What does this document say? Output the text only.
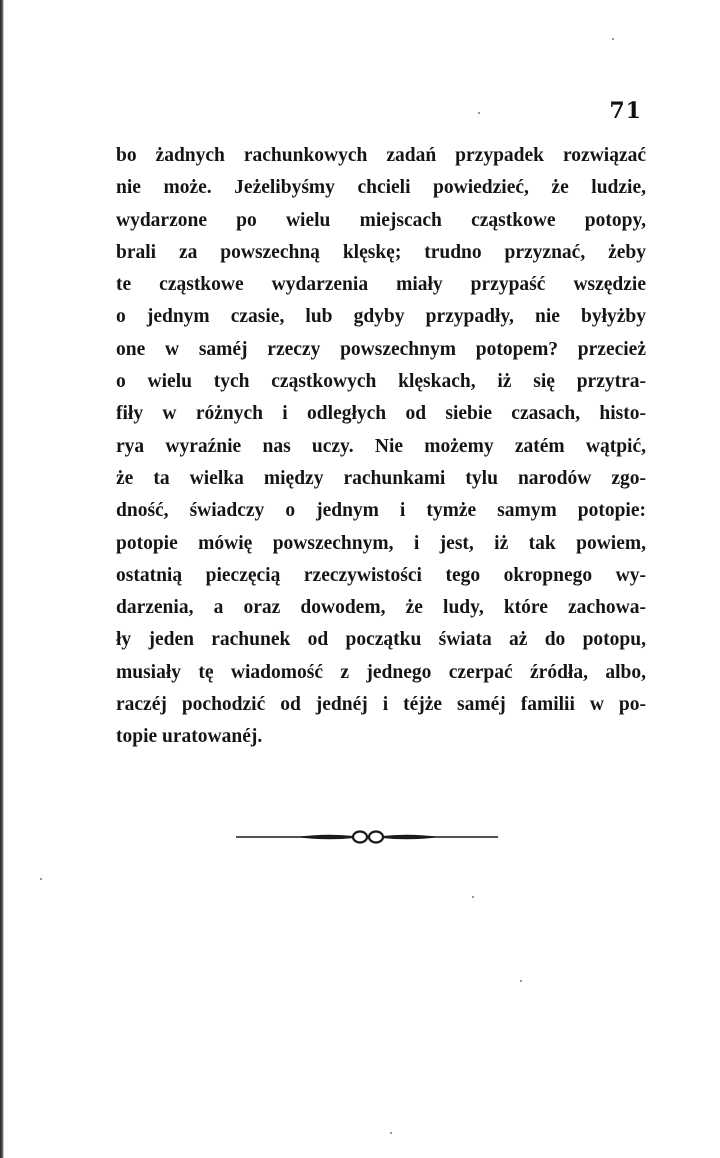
71
bo żadnych rachunkowych zadań przypadek rozwiązać
nie może. Jeżelibyśmy chcieli powiedzieć, że ludzie,
wydarzone po wielu miejscach cząstkowe potopy,
brali za powszechną klęskę; trudno przyznać, żeby
te cząstkowe wydarzenia miały przypaść wszędzie
o jednym czasie, lub gdyby przypadły, nie byłyżby
one w saméj rzeczy powszechnym potopem? przecież
o wielu tych cząstkowych klęskach, iż się przytra-
fiły w różnych i odległych od siebie czasach, histo-
rya wyraźnie nas uczy. Nie możemy zatém wątpić,
że ta wielka między rachunkami tylu narodów zgo-
dność, świadczy o jednym i tymże samym potopie:
potopie mówię powszechnym, i jest, iż tak powiem,
ostatnią pieczęcią rzeczywistości tego okropnego wy-
darzenia, a oraz dowodem, że ludy, które zachowa-
ły jeden rachunek od początku świata aż do potopu,
musiały tę wiadomość z jednego czerpać źródła, albo,
raczéj pochodzić od jednéj i téjże saméj familii w po-
topie uratowanéj.
